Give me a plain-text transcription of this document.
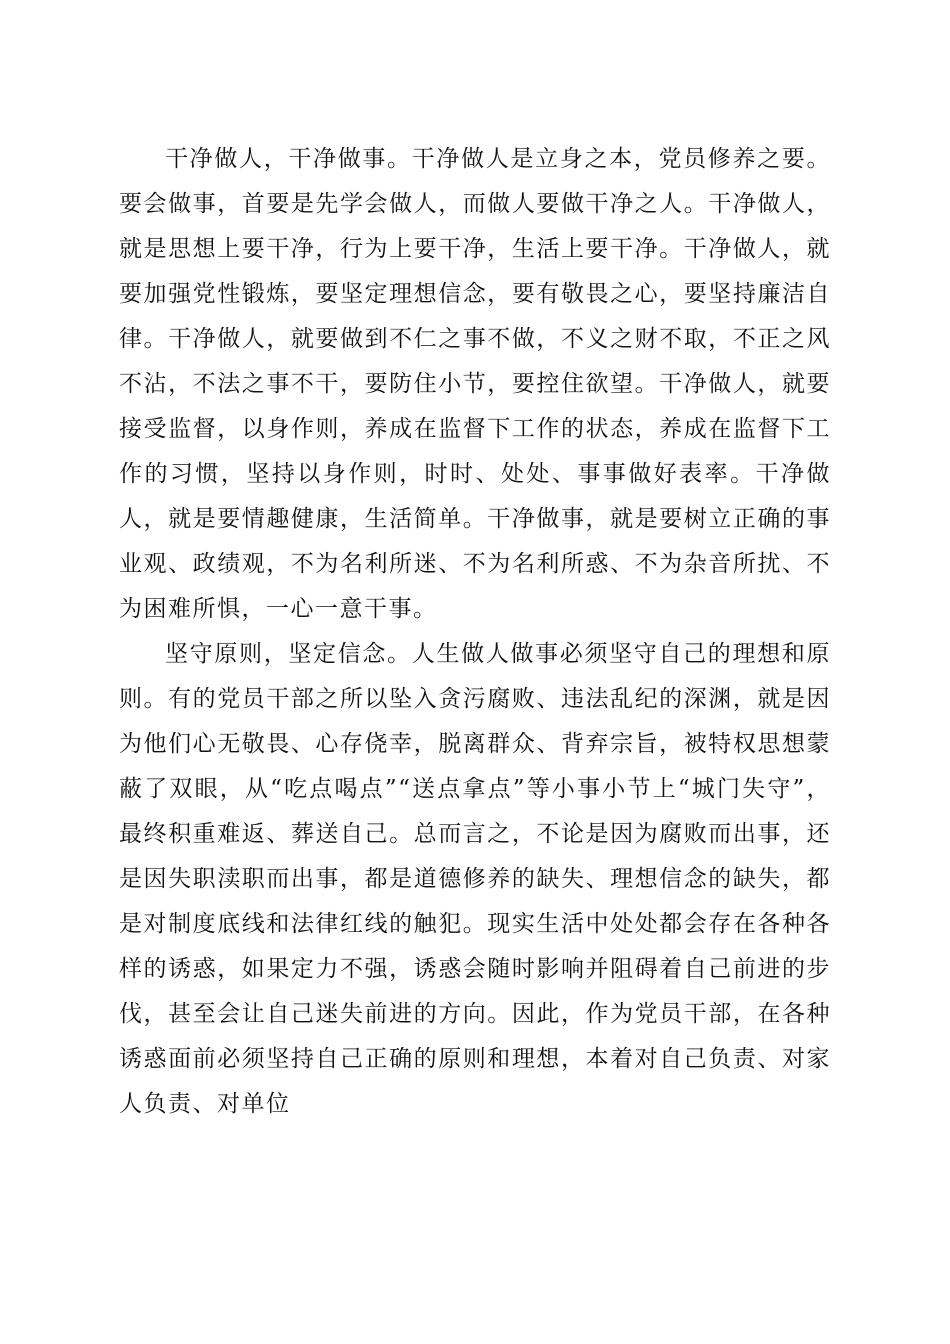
干净做人，干净做事。干净做人是立身之本，党员修养之要。要会做事，首要是先学会做人，而做人要做干净之人。干净做人，就是思想上要干净，行为上要干净，生活上要干净。干净做人，就要加强党性锻炼，要坚定理想信念，要有敬畏之心，要坚持廉洁自律。干净做人，就要做到不仁之事不做，不义之财不取，不正之风不沾，不法之事不干，要防住小节，要控住欲望。干净做人，就要接受监督，以身作则，养成在监督下工作的状态，养成在监督下工作的习惯，坚持以身作则，时时、处处、事事做好表率。干净做人，就是要情趣健康，生活简单。干净做事，就是要树立正确的事业观、政绩观，不为名利所迷、不为名利所惑、不为杂音所扰、不为困难所惧，一心一意干事。

坚守原则，坚定信念。人生做人做事必须坚守自己的理想和原则。有的党员干部之所以坠入贪污腐败、违法乱纪的深渊，就是因为他们心无敬畏、心存侥幸，脱离群众、背弃宗旨，被特权思想蒙蔽了双眼，从“吃点喝点”“送点拿点”等小事小节上“城门失守”，最终积重难返、葬送自己。总而言之，不论是因为腐败而出事，还是因失职渎职而出事，都是道德修养的缺失、理想信念的缺失，都是对制度底线和法律红线的触犯。现实生活中处处都会存在各种各样的诱惑，如果定力不强，诱惑会随时影响并阻碍着自己前进的步伐，甚至会让自己迷失前进的方向。因此，作为党员干部，在各种诱惑面前必须坚持自己正确的原则和理想，本着对自己负责、对家人负责、对单位
